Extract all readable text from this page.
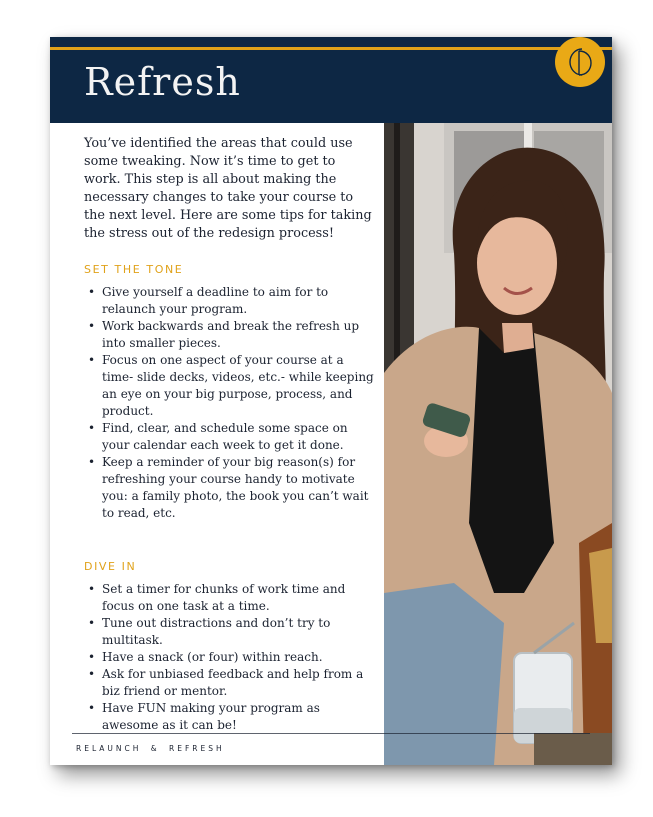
Refresh

You’ve identified the areas that could use some tweaking. Now it’s time to get to work. This step is all about making the necessary changes to take your course to the next level. Here are some tips for taking the stress out of the redesign process!

SET THE TONE
• Give yourself a deadline to aim for to relaunch your program.
• Work backwards and break the refresh up into smaller pieces.
• Focus on one aspect of your course at a time- slide decks, videos, etc.- while keeping an eye on your big purpose, process, and product.
• Find, clear, and schedule some space on your calendar each week to get it done.
• Keep a reminder of your big reason(s) for refreshing your course handy to motivate you: a family photo, the book you can’t wait to read, etc.
DIVE IN
• Set a timer for chunks of work time and focus on one task at a time.
• Tune out distractions and don’t try to multitask.
• Have a snack (or four) within reach.
• Ask for unbiased feedback and help from a biz friend or mentor.
• Have FUN making your program as awesome as it can be!
RELAUNCH & REFRESH
